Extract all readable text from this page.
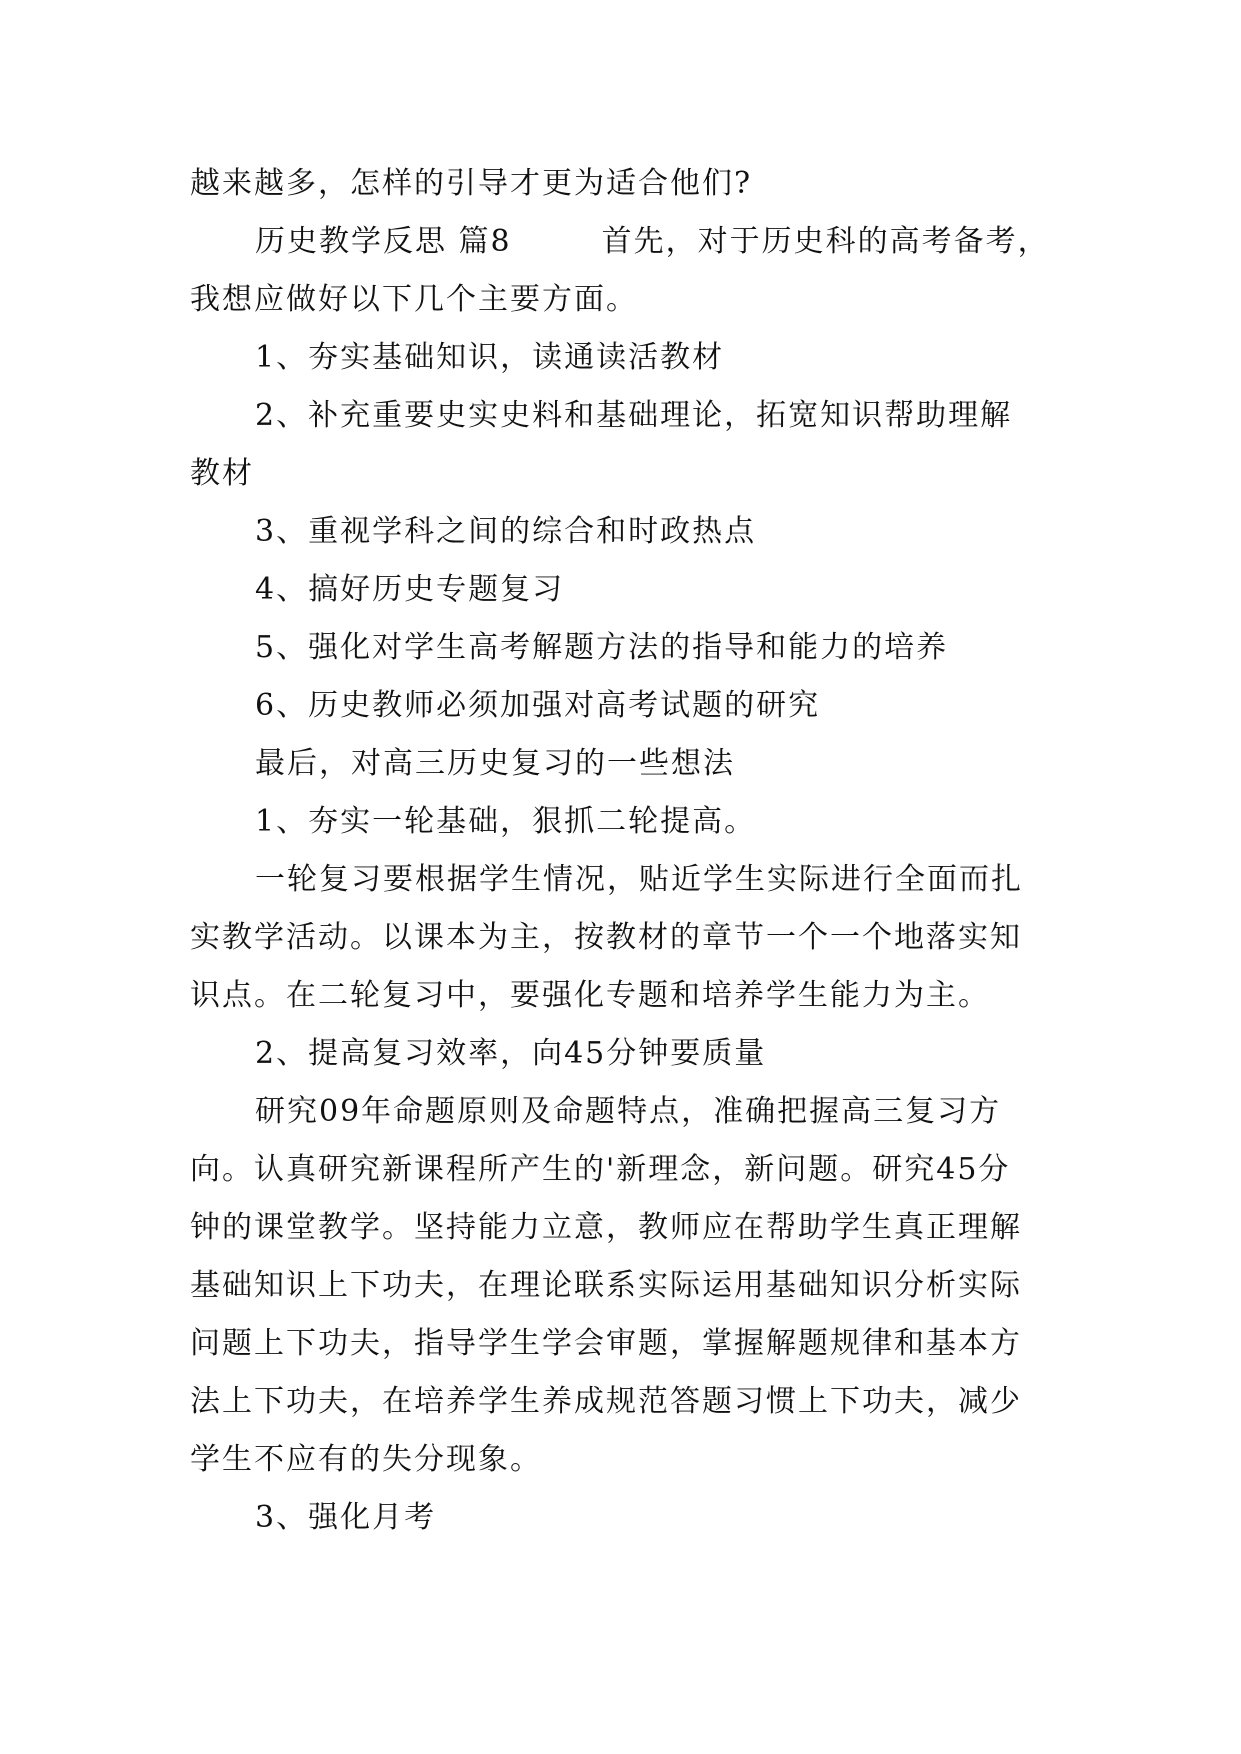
越来越多，怎样的引导才更为适合他们?
历史教学反思 篇8	首先，对于历史科的高考备考，
我想应做好以下几个主要方面。
1、夯实基础知识，读通读活教材
2、补充重要史实史料和基础理论，拓宽知识帮助理解
教材
3、重视学科之间的综合和时政热点
4、搞好历史专题复习
5、强化对学生高考解题方法的指导和能力的培养
6、历史教师必须加强对高考试题的研究
最后，对高三历史复习的一些想法
1、夯实一轮基础，狠抓二轮提高。
一轮复习要根据学生情况，贴近学生实际进行全面而扎
实教学活动。以课本为主，按教材的章节一个一个地落实知
识点。在二轮复习中，要强化专题和培养学生能力为主。
2、提高复习效率，向45分钟要质量
研究09年命题原则及命题特点，准确把握高三复习方
向。认真研究新课程所产生的'新理念，新问题。研究45分
钟的课堂教学。坚持能力立意，教师应在帮助学生真正理解
基础知识上下功夫，在理论联系实际运用基础知识分析实际
问题上下功夫，指导学生学会审题，掌握解题规律和基本方
法上下功夫，在培养学生养成规范答题习惯上下功夫，减少
学生不应有的失分现象。
3、强化月考
